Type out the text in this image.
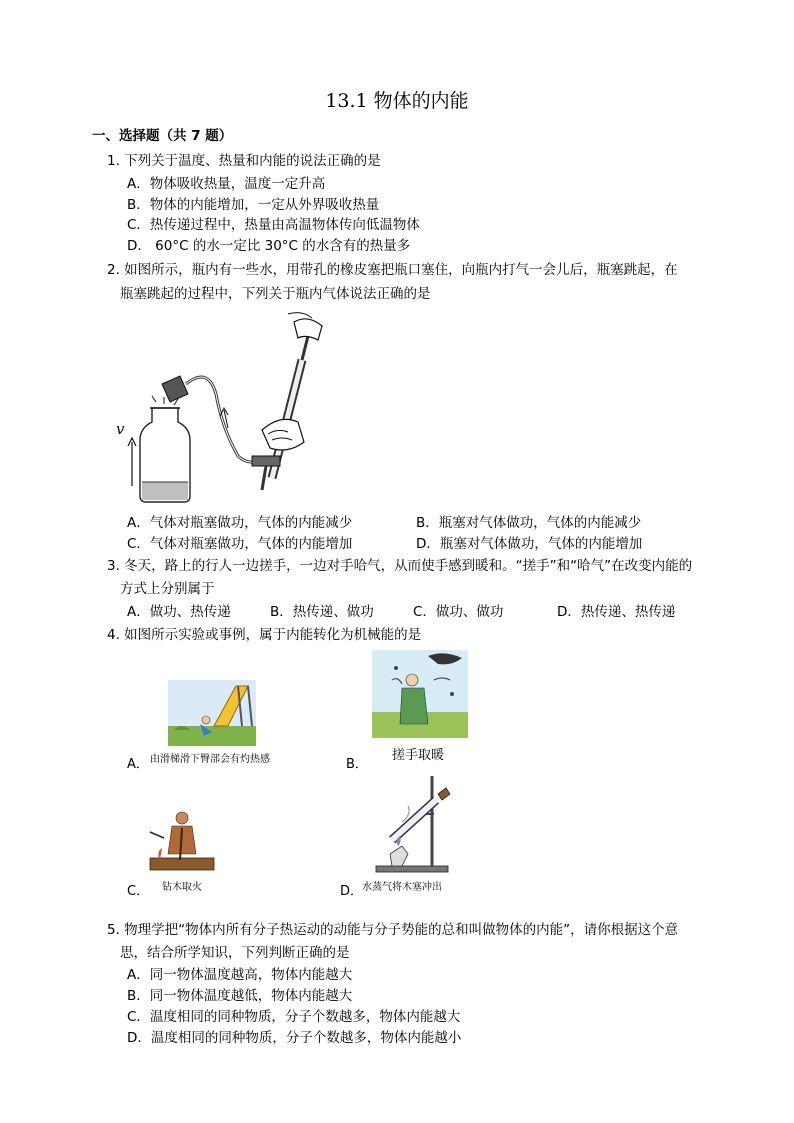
13.1 物体的内能
一、选择题（共 7 题）
1. 下列关于温度、热量和内能的说法正确的是
A．物体吸收热量，温度一定升高
B．物体的内能增加，一定从外界吸收热量
C．热传递过程中，热量由高温物体传向低温物体
D． 60°C 的水一定比 30°C 的水含有的热量多
2. 如图所示，瓶内有一些水，用带孔的橡皮塞把瓶口塞住，向瓶内打气一会儿后，瓶塞跳起，在
瓶塞跳起的过程中，下列关于瓶内气体说法正确的是
v
A．气体对瓶塞做功，气体的内能减少	B．瓶塞对气体做功，气体的内能减少
C．气体对瓶塞做功，气体的内能增加	D．瓶塞对气体做功，气体的内能增加
3. 冬天，路上的行人一边搓手，一边对手哈气，从而使手感到暖和。“搓手”和“哈气”在改变内能的
方式上分别属于
A．做功、热传递	B．热传递、做功	C．做功、做功	D．热传递、热传递
4. 如图所示实验或事例，属于内能转化为机械能的是
A． 由滑梯滑下臀部会有灼热感	B．
搓手取暖
C． 钻木取火	D．
水蒸气将木塞冲出
5. 物理学把“物体内所有分子热运动的动能与分子势能的总和叫做物体的内能”，请你根据这个意
思，结合所学知识，下列判断正确的是
A．同一物体温度越高，物体内能越大
B．同一物体温度越低，物体内能越大
C．温度相同的同种物质，分子个数越多，物体内能越大
D．温度相同的同种物质，分子个数越多，物体内能越小
